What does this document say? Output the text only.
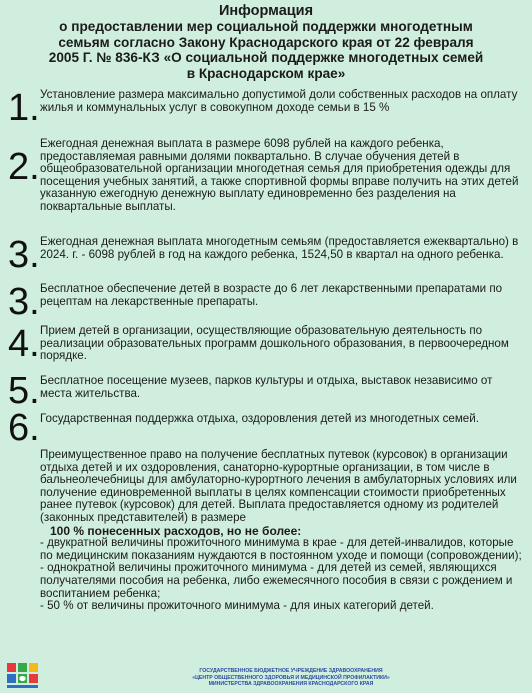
Информация
о предоставлении мер социальной поддержки многодетным
семьям согласно Закону Краснодарского края от 22 февраля
2005 Г. № 836-КЗ «О социальной поддержке многодетных семей
в Краснодарском крае»
1. Установление размера максимально допустимой доли собственных расходов на оплату жилья и коммунальных услуг в совокупном доходе семьи в 15 %
2.
Ежегодная денежная выплата в размере 6098 рублей на каждого ребенка, предоставляемая равными долями поквартально. В случае обучения детей в общеобразовательной организации многодетная семья для приобретения одежды для посещения учебных занятий, а также спортивной формы вправе получить на этих детей указанную ежегодную денежную выплату единовременно без разделения на поквартальные выплаты.
3. Ежегодная денежная выплата многодетным семьям (предоставляется ежеквартально) в 2024. г. - 6098 рублей в год на каждого ребенка, 1524,50 в квартал на одного ребенка.
3. Бесплатное обеспечение детей в возрасте до 6 лет лекарственными препаратами по рецептам на лекарственные препараты.
4. Прием детей в организации, осуществляющие образовательную деятельность по реализации образовательных программ дошкольного образования, в первоочередном порядке.
5. Бесплатное посещение музеев, парков культуры и отдыха, выставок независимо от места жительства.
6. Государственная поддержка отдыха, оздоровления детей из многодетных семей.

Преимущественное право на получение бесплатных путевок (курсовок) в организации отдыха детей и их оздоровления, санаторно-курортные организации, в том числе в бальнеолечебницы для амбулаторно-курортного лечения в амбулаторных условиях или получение единовременной выплаты в целях компенсации стоимости приобретенных ранее путевок (курсовок) для детей. Выплата предоставляется одному из родителей (законных представителей) в размере

100 % понесенных расходов, но не более:

- двукратной величины прожиточного минимума в крае - для детей-инвалидов, которые по медицинским показаниям нуждаются в постоянном уходе и помощи (сопровождении);

- однократной величины прожиточного минимума - для детей из семей, являющихся получателями пособия на ребенка, либо ежемесячного пособия в связи с рождением и воспитанием ребенка;

- 50 % от величины прожиточного минимума - для иных категорий детей.

ГОСУДАРСТВЕННОЕ БЮДЖЕТНОЕ УЧРЕЖДЕНИЕ ЗДРАВООХРАНЕНИЯ
«ЦЕНТР ОБЩЕСТВЕННОГО ЗДОРОВЬЯ И МЕДИЦИНСКОЙ ПРОФИЛАКТИКИ»
МИНИСТЕРСТВА ЗДРАВООХРАНЕНИЯ КРАСНОДАРСКОГО КРАЯ
